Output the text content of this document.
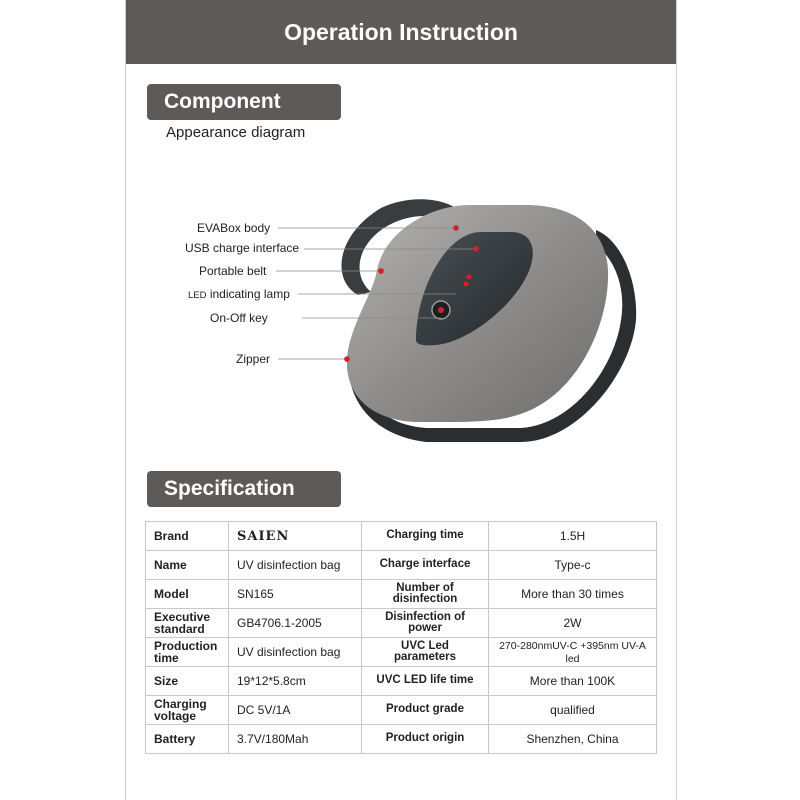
Operation Instruction
Component
Appearance diagram
EVABox body
USB charge interface
Portable belt
LED indicating lamp
On-Off key
Zipper
Specification
Brand	SAIEN	Charging time	1.5H
Name	UV disinfection bag	Charge interface	Type-c
Model	SN165	Number of disinfection	More than 30 times
Executive standard	GB4706.1-2005	Disinfection of power	2W
Production time	UV disinfection bag	UVC Led parameters	270-280nmUV-C +395nm UV-A led
Size	19*12*5.8cm	UVC LED life time	More than 100K
Charging voltage	DC 5V/1A	Product grade	qualified
Battery	3.7V/180Mah	Product origin	Shenzhen, China
